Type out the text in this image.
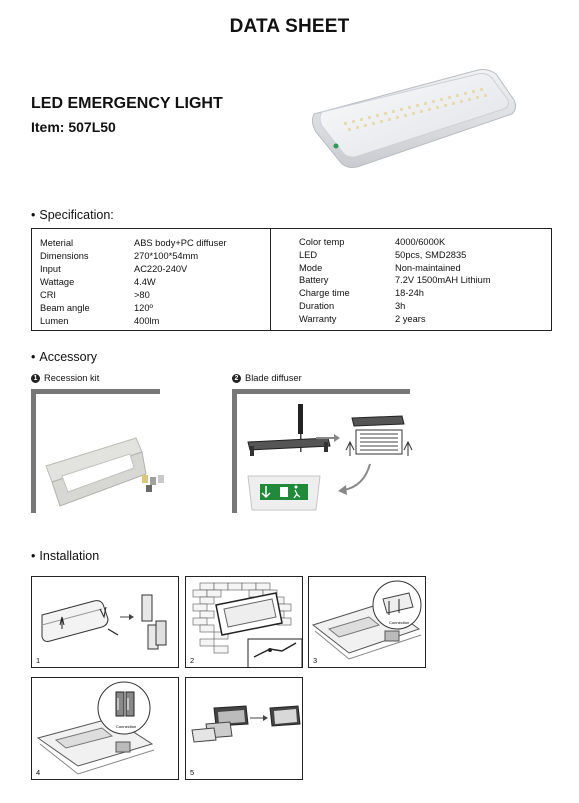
DATA SHEET
LED EMERGENCY LIGHT
Item: 507L50
• Specification:
Meterial	ABS body+PC diffuser
Dimensions	270*100*54mm
Input	AC220-240V
Wattage	4.4W
CRI	>80
Beam angle	120º
Lumen	400lm
Color temp	4000/6000K
LED	50pcs, SMD2835
Mode	Non-maintained
Battery	7.2V 1500mAH Lithium
Charge time	18-24h
Duration	3h
Warranty	2 years
• Accessory
1 Recession kit	2 Blade diffuser
• Installation
1	2
Connection
3
Connection
4	5
